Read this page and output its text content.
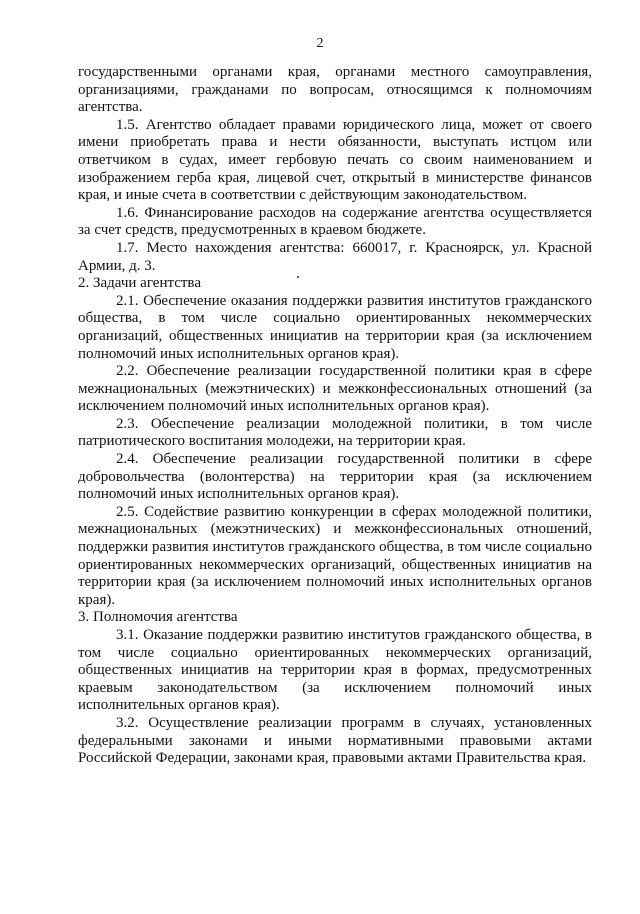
2

государственными органами края, органами местного самоуправления, организациями, гражданами по вопросам, относящимся к полномочиям агентства.

1.5. Агентство обладает правами юридического лица, может от своего имени приобретать права и нести обязанности, выступать истцом или ответчиком в судах, имеет гербовую печать со своим наименованием и изображением герба края, лицевой счет, открытый в министерстве финансов края, и иные счета в соответствии с действующим законодательством.

1.6. Финансирование расходов на содержание агентства осуществляется за счет средств, предусмотренных в краевом бюджете.

1.7. Место нахождения агентства: 660017, г. Красноярск, ул. Красной Армии, д. 3.

2. Задачи агентства

2.1. Обеспечение оказания поддержки развития институтов гражданского общества, в том числе социально ориентированных некоммерческих организаций, общественных инициатив на территории края (за исключением полномочий иных исполнительных органов края).

2.2. Обеспечение реализации государственной политики края в сфере межнациональных (межэтнических) и межконфессиональных отношений (за исключением полномочий иных исполнительных органов края).

2.3. Обеспечение реализации молодежной политики, в том числе патриотического воспитания молодежи, на территории края.

2.4. Обеспечение реализации государственной политики в сфере добровольчества (волонтерства) на территории края (за исключением полномочий иных исполнительных органов края).

2.5. Содействие развитию конкуренции в сферах молодежной политики, межнациональных (межэтнических) и межконфессиональных отношений, поддержки развития институтов гражданского общества, в том числе социально ориентированных некоммерческих организаций, общественных инициатив на территории края (за исключением полномочий иных исполнительных органов края).

3. Полномочия агентства

3.1. Оказание поддержки развитию институтов гражданского общества, в том числе социально ориентированных некоммерческих организаций, общественных инициатив на территории края в формах, предусмотренных краевым законодательством (за исключением полномочий иных исполнительных органов края).

3.2. Осуществление реализации программ в случаях, установленных федеральными законами и иными нормативными правовыми актами Российской Федерации, законами края, правовыми актами Правительства края.
